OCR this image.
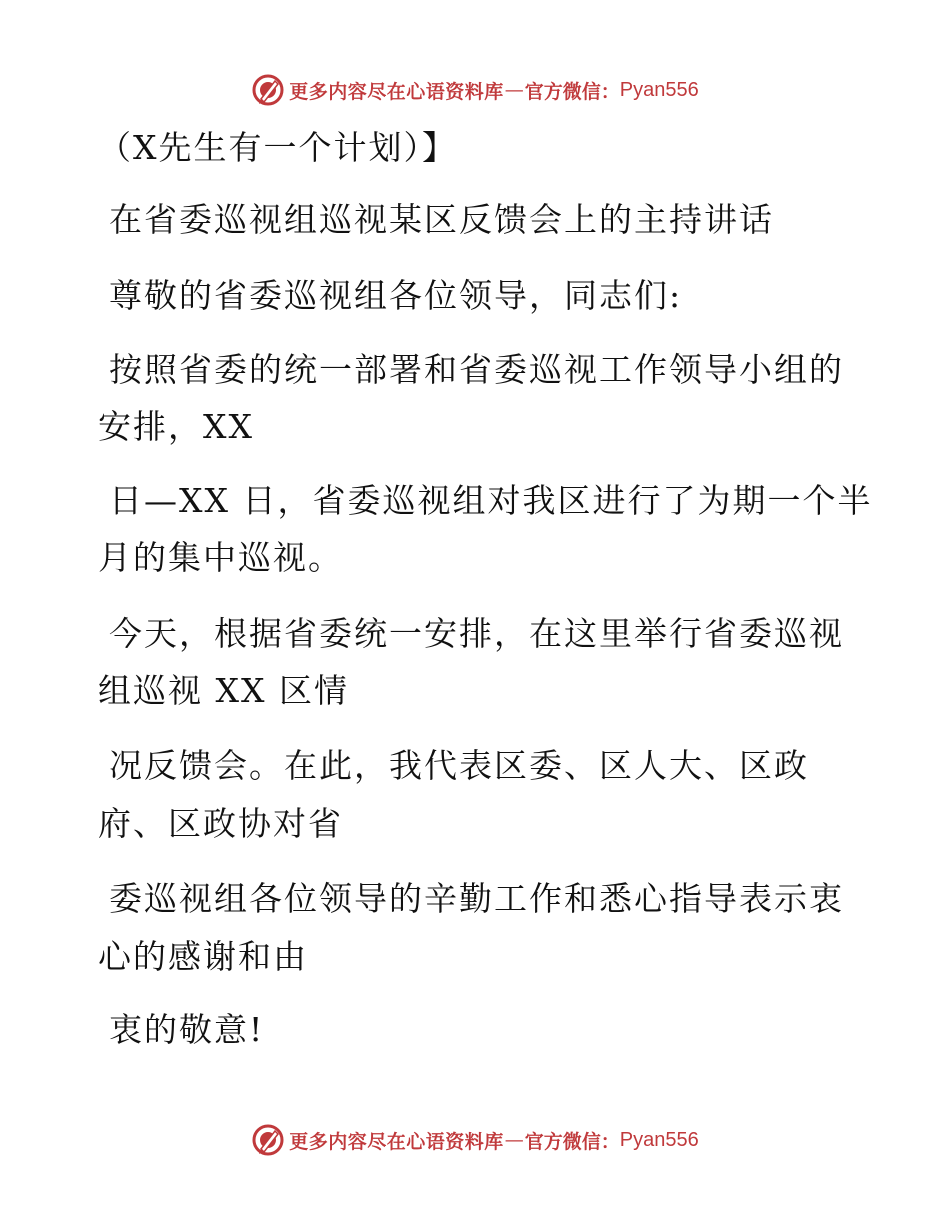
更多内容尽在心语资料库 — 官方微信： Pyan556
（X先生有一个计划）】
在省委巡视组巡视某区反馈会上的主持讲话
尊敬的省委巡视组各位领导，同志们:
按照省委的统一部署和省委巡视工作领导小组的
安排，XX
日—XX 日，省委巡视组对我区进行了为期一个半
月的集中巡视。
今天，根据省委统一安排，在这里举行省委巡视
组巡视 XX 区情
况反馈会。在此，我代表区委、区人大、区政
府、区政协对省
委巡视组各位领导的辛勤工作和悉心指导表示衷
心的感谢和由
衷的敬意!
更多内容尽在心语资料库 — 官方微信： Pyan556
